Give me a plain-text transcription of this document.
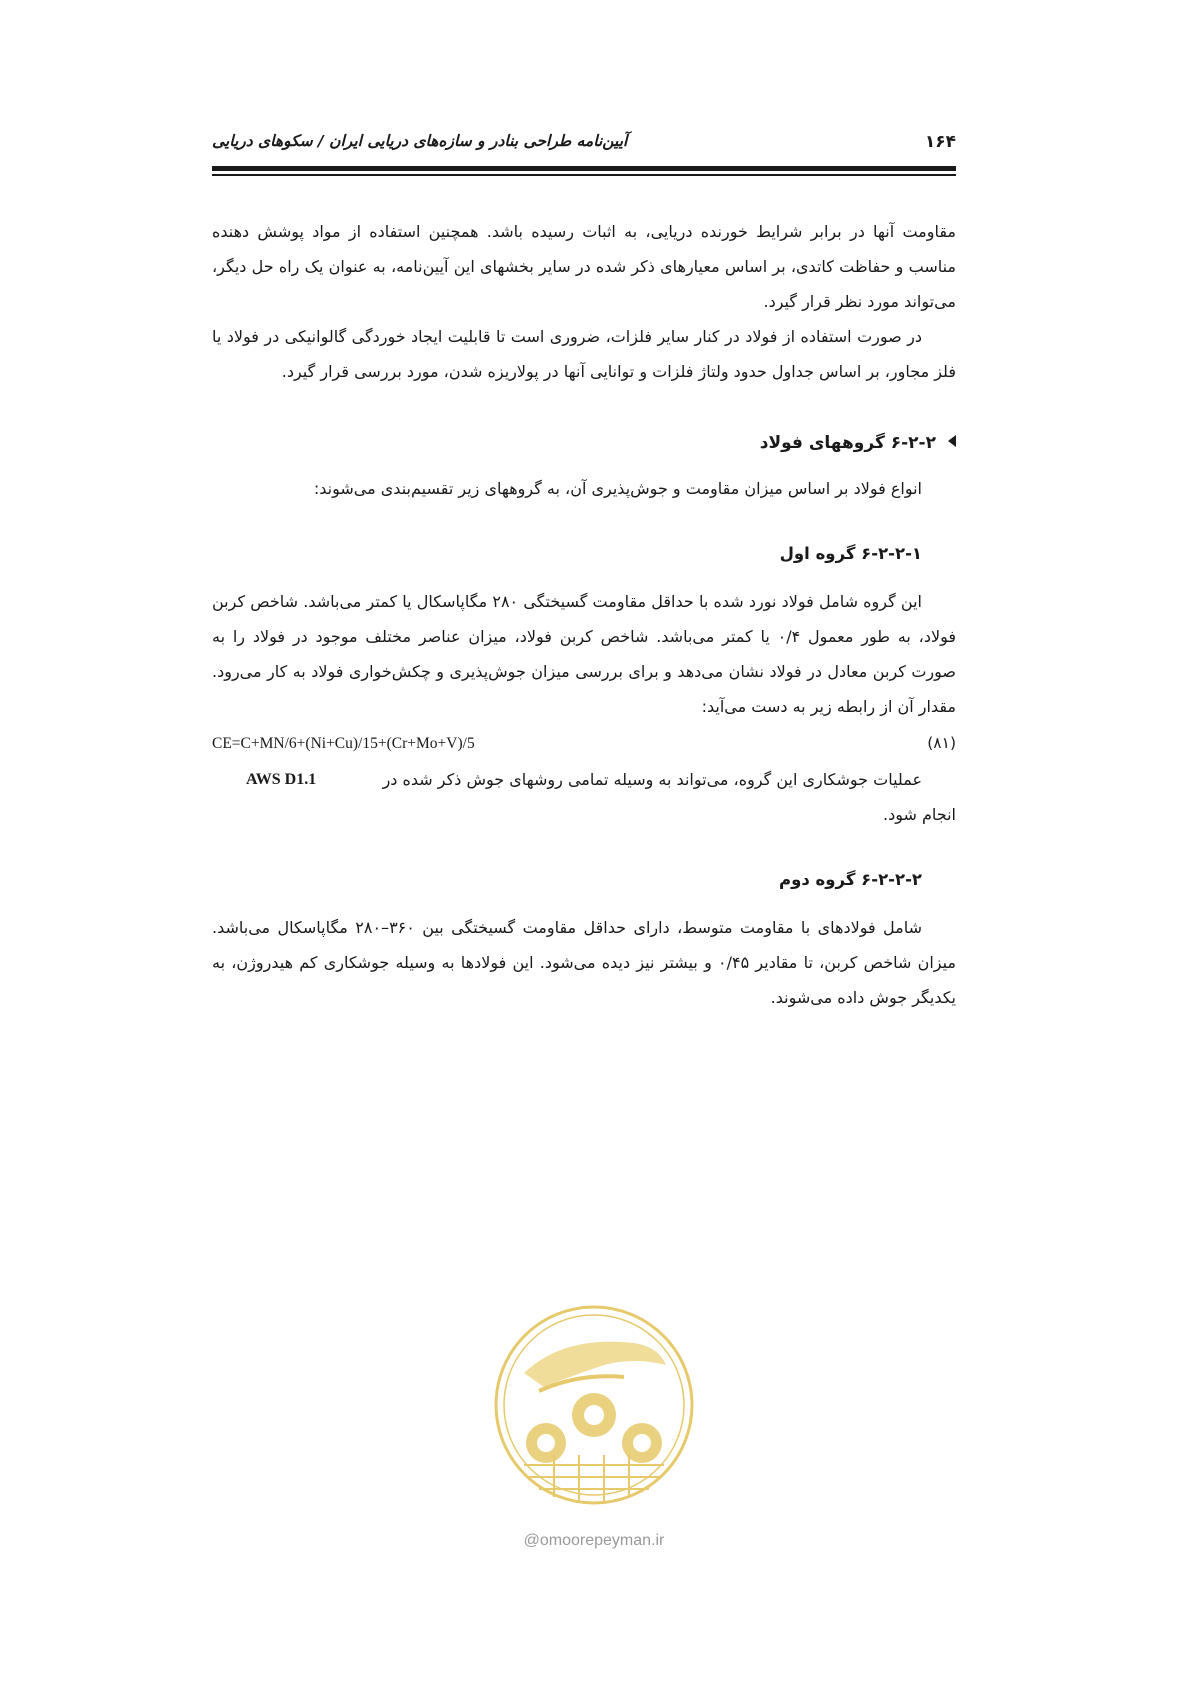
۱۶۴
آیین‌نامه طراحی بنادر و سازه‌های دریایی ایران / سکوهای دریایی

مقاومت آنها در برابر شرایط خورنده دریایی، به اثبات رسیده باشد. همچنین استفاده از مواد پوشش دهنده مناسب و حفاظت کاتدی، بر اساس معیارهای ذکر شده در سایر بخشهای این آیین‌نامه، به عنوان یک راه حل دیگر، می‌تواند مورد نظر قرار گیرد.

در صورت استفاده از فولاد در کنار سایر فلزات، ضروری است تا قابلیت ایجاد خوردگی گالوانیکی در فولاد یا فلز مجاور، بر اساس جداول حدود ولتاژ فلزات و توانایی آنها در پولاریزه شدن، مورد بررسی قرار گیرد.

۶-۲-۲ گروههای فولاد

انواع فولاد بر اساس میزان مقاومت و جوش‌پذیری آن، به گروههای زیر تقسیم‌بندی می‌شوند:

۶-۲-۲-۱ گروه اول

این گروه شامل فولاد نورد شده با حداقل مقاومت گسیختگی ۲۸۰ مگاپاسکال یا کمتر می‌باشد. شاخص کربن فولاد، به طور معمول ۰/۴ یا کمتر می‌باشد. شاخص کربن فولاد، میزان عناصر مختلف موجود در فولاد را به صورت کربن معادل در فولاد نشان می‌دهد و برای بررسی میزان جوش‌پذیری و چکش‌خواری فولاد به کار می‌رود. مقدار آن از رابطه زیر به دست می‌آید:

CE=C+MN/6+(Ni+Cu)/15+(Cr+Mo+V)/5	(۸۱)

عملیات جوشکاری این گروه، می‌تواند به وسیله تمامی روشهای جوش ذکر شده در
AWS D1.1

انجام شود.

۶-۲-۲-۲ گروه دوم

شامل فولادهای با مقاومت متوسط، دارای حداقل مقاومت گسیختگی بین ۳۶۰–۲۸۰ مگاپاسکال می‌باشد. میزان شاخص کربن، تا مقادیر ۰/۴۵ و بیشتر نیز دیده می‌شود. این فولادها به وسیله جوشکاری کم هیدروژن، به یکدیگر جوش داده می‌شوند.

@omoorepeyman.ir
